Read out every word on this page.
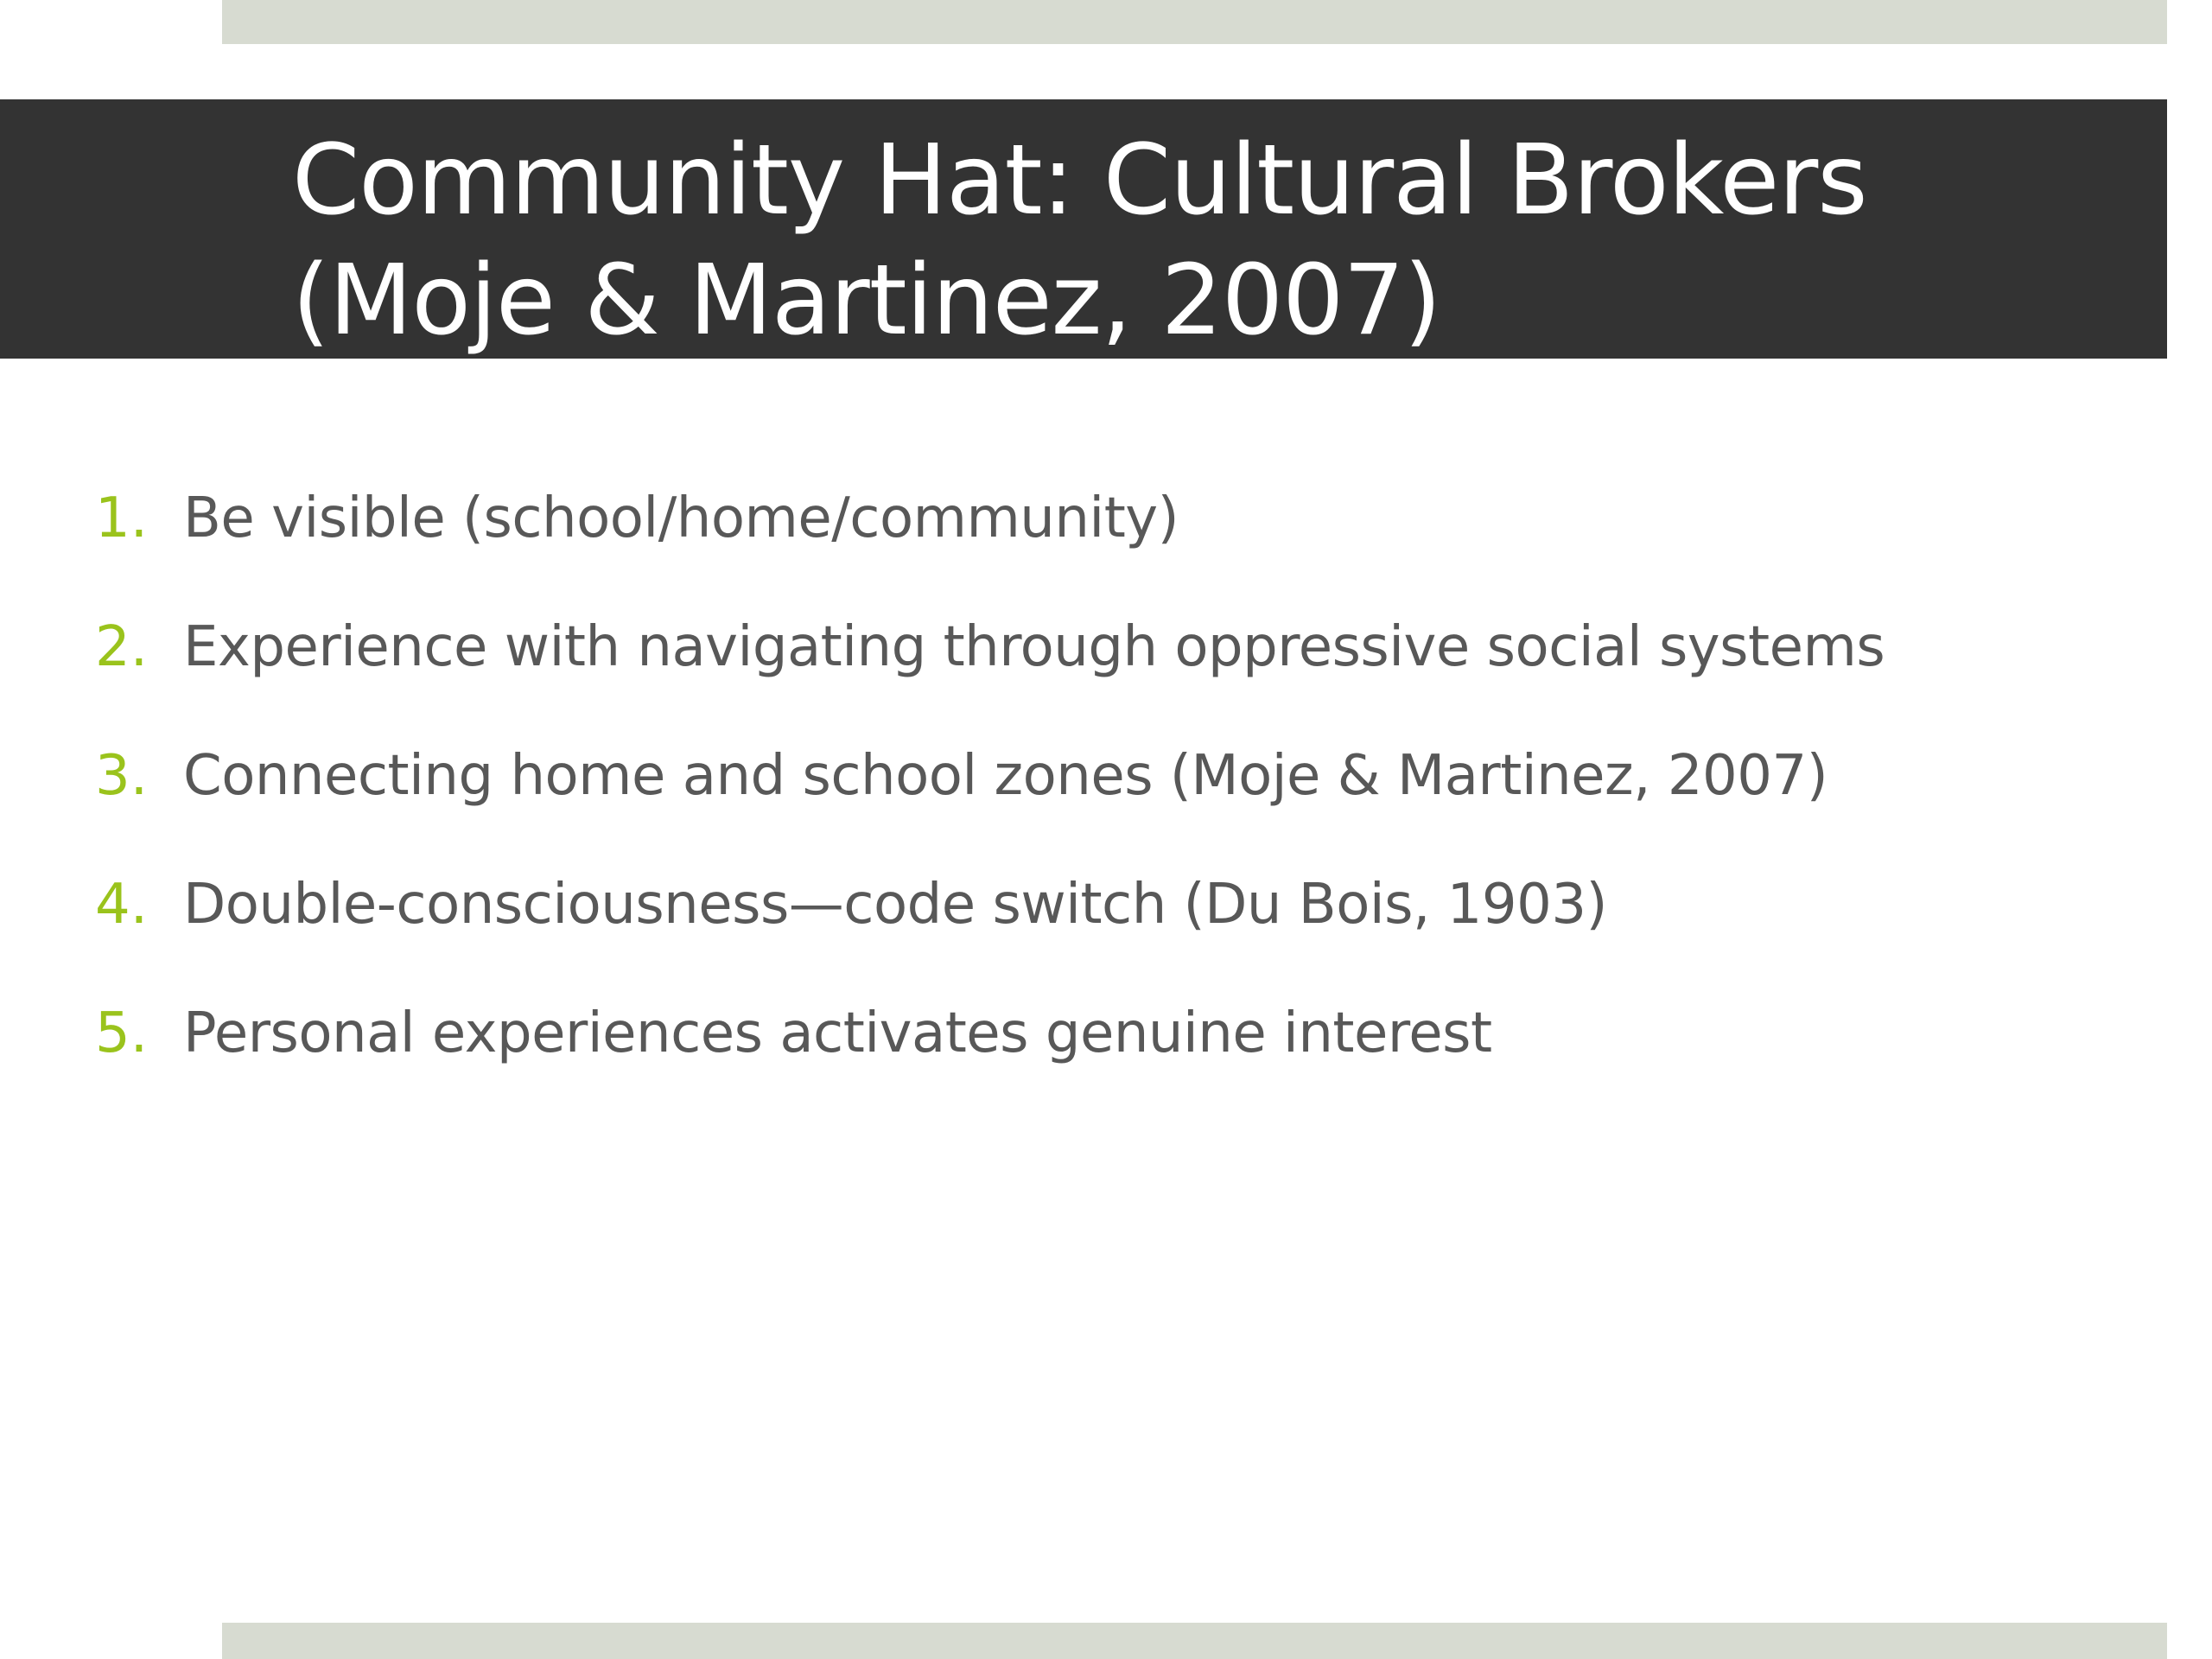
Community Hat: Cultural Brokers
(Moje & Martinez, 2007)
1. Be visible (school/home/community)
2. Experience with navigating through oppressive social systems
3. Connecting home and school zones (Moje & Martinez, 2007)
4. Double-consciousness—code switch (Du Bois, 1903)
5. Personal experiences activates genuine interest
